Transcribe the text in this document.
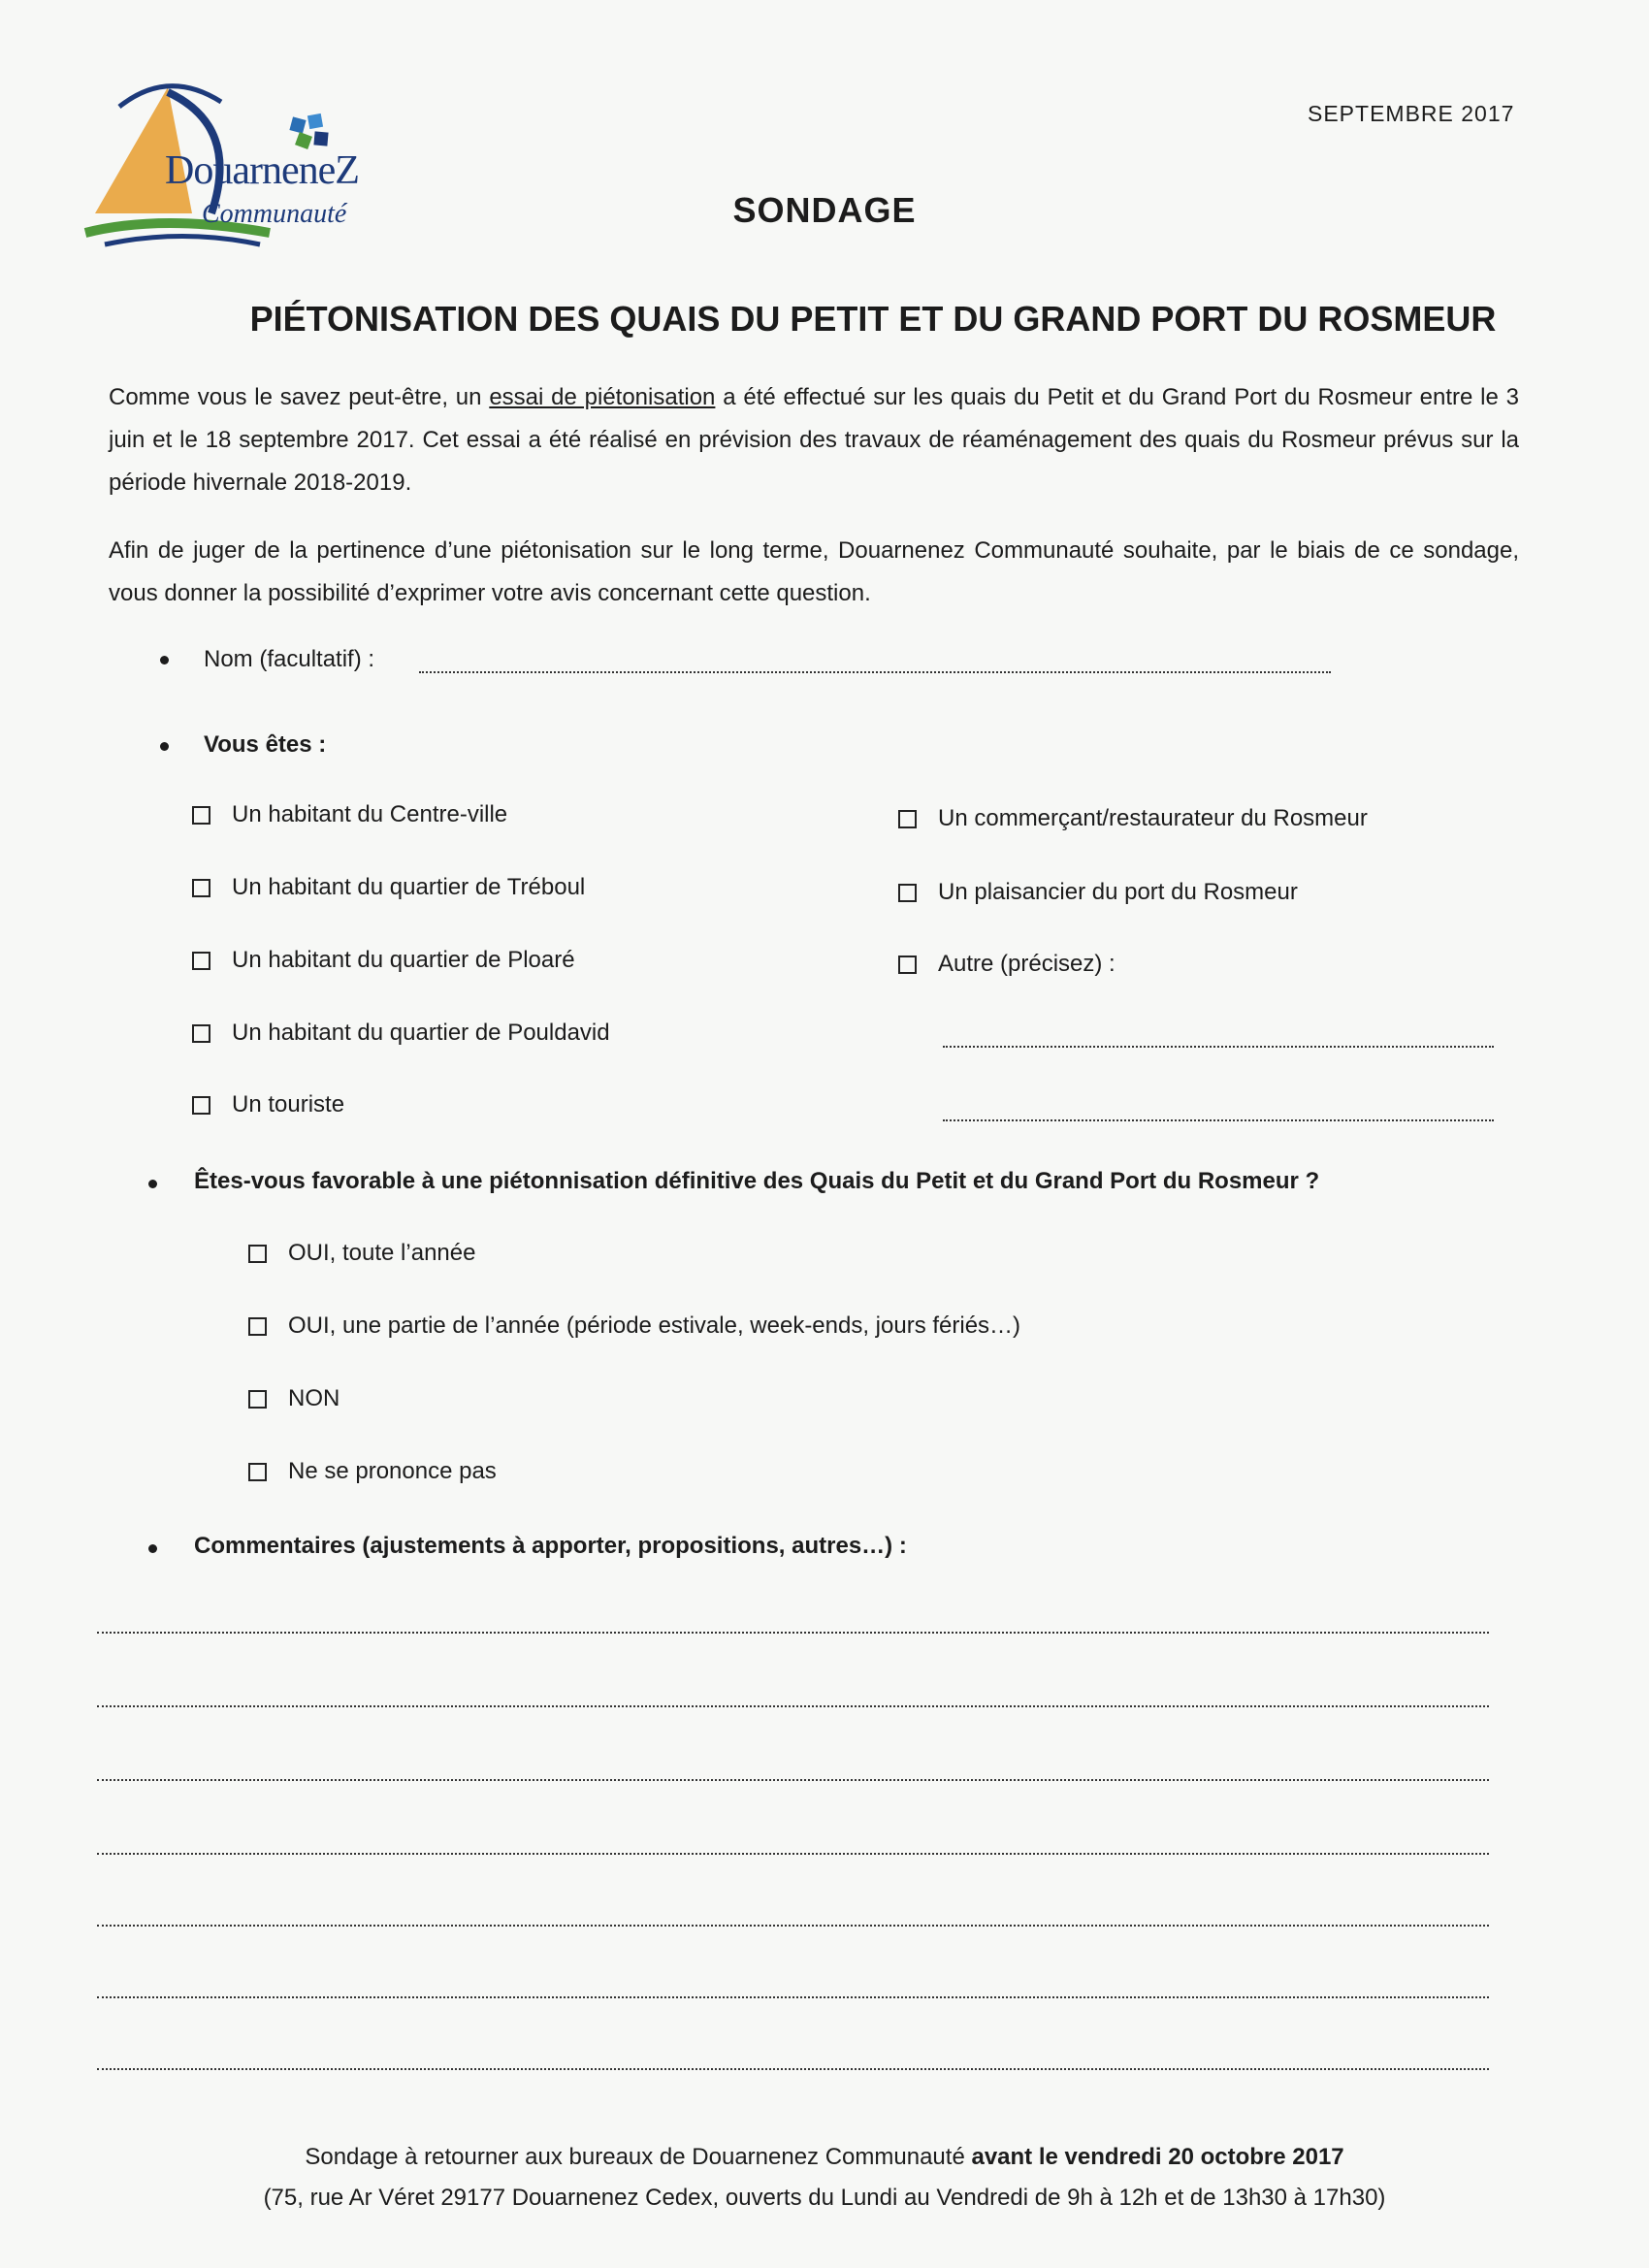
DouarneneZ
Communauté
SEPTEMBRE 2017
SONDAGE
PIÉTONISATION DES QUAIS DU PETIT ET DU GRAND PORT DU ROSMEUR
Comme vous le savez peut-être, un essai de piétonisation a été effectué sur les quais du Petit et du Grand Port du Rosmeur entre le 3 juin et le 18 septembre 2017. Cet essai a été réalisé en prévision des travaux de réaménagement des quais du Rosmeur prévus sur la période hivernale 2018-2019.
Afin de juger de la pertinence d’une piétonisation sur le long terme, Douarnenez Communauté souhaite, par le biais de ce sondage, vous donner la possibilité d’exprimer votre avis concernant cette question.
Nom (facultatif) :
Vous êtes :
Un habitant du Centre-ville
Un habitant du quartier de Tréboul
Un habitant du quartier de Ploaré
Un habitant du quartier de Pouldavid
Un touriste
Un commerçant/restaurateur du Rosmeur
Un plaisancier du port du Rosmeur
Autre (précisez) :
Êtes-vous favorable à une piétonnisation définitive des Quais du Petit et du Grand Port du Rosmeur ?
OUI, toute l’année
OUI, une partie de l’année (période estivale, week-ends, jours fériés…)
NON
Ne se prononce pas
Commentaires (ajustements à apporter, propositions, autres…) :
Sondage à retourner aux bureaux de Douarnenez Communauté avant le vendredi 20 octobre 2017
(75, rue Ar Véret 29177 Douarnenez Cedex, ouverts du Lundi au Vendredi de 9h à 12h et de 13h30 à 17h30)
